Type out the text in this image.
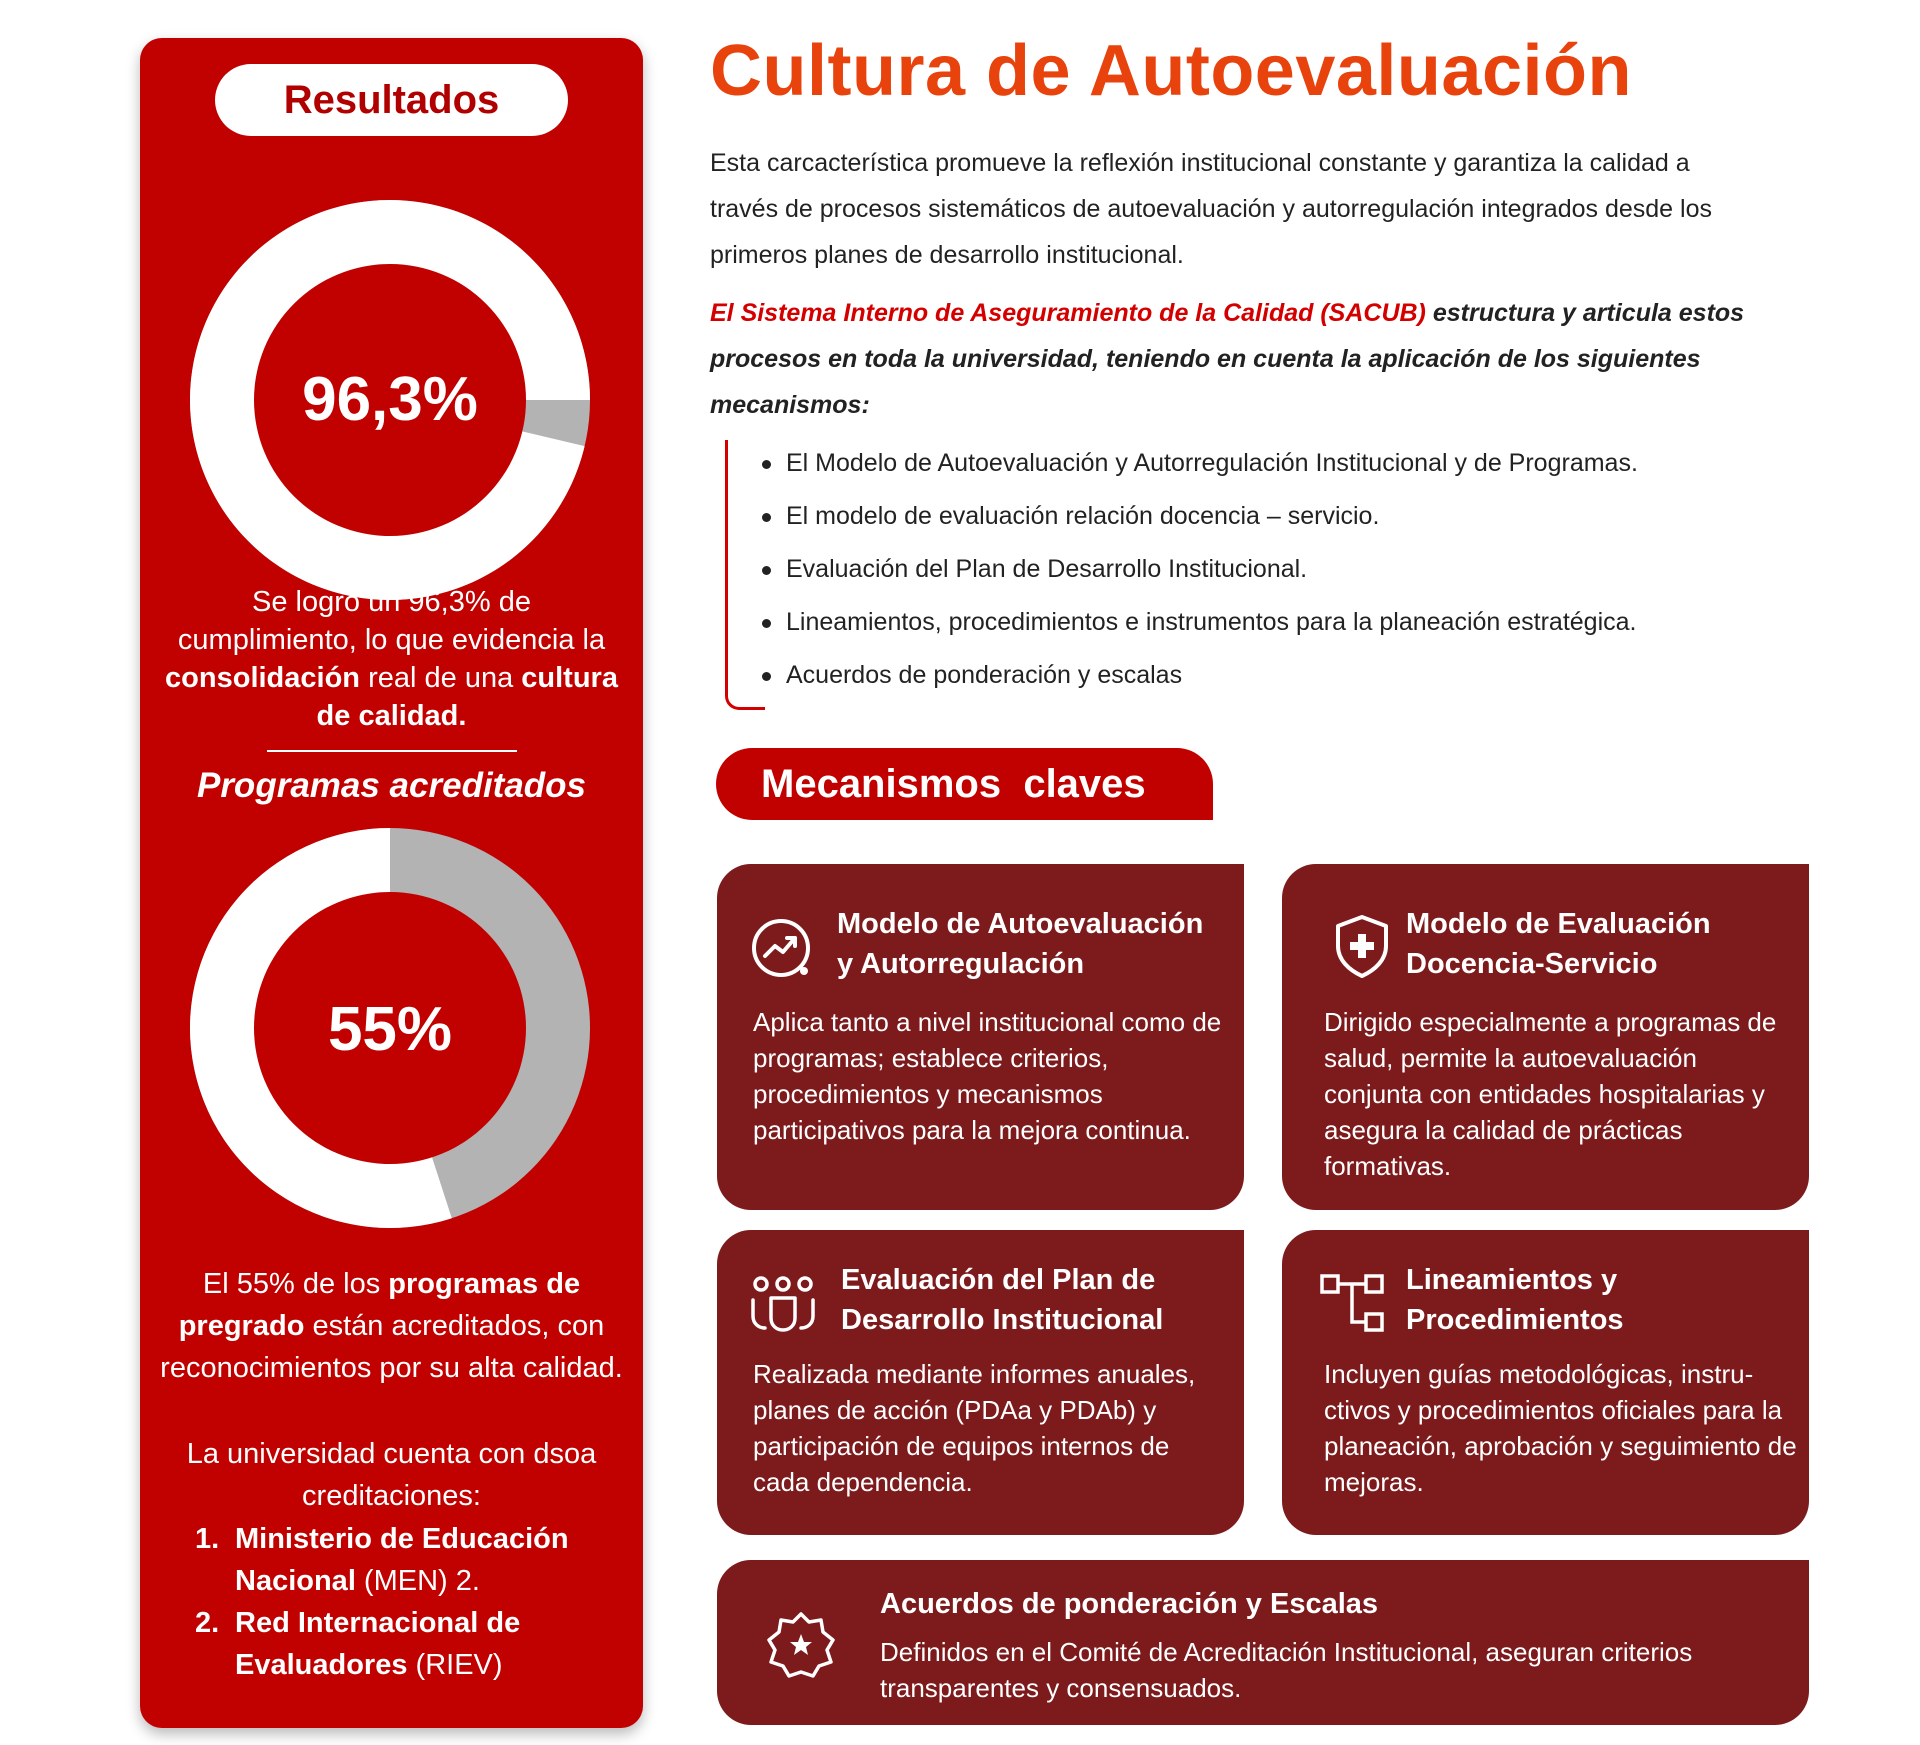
Resultados
96,3%
Se logró un 96,3% de cumplimiento, lo que evidencia la consolidación real de una cultura de calidad.
Programas acreditados
55%
El 55% de los programas de pregrado están acreditados, con reconocimientos por su alta calidad.
La universidad cuenta con dsoa creditaciones:
1. Ministerio de Educación Nacional (MEN) 2.
2. Red Internacional de Evaluadores (RIEV)
Cultura de Autoevaluación

Esta carcacterística promueve la reflexión institucional constante y garantiza la calidad a través de procesos sistemáticos de autoevaluación y autorregulación integrados desde los primeros planes de desarrollo institucional.

El Sistema Interno de Aseguramiento de la Calidad (SACUB) estructura y articula estos procesos en toda la universidad, teniendo en cuenta la aplicación de los siguientes mecanismos:

El Modelo de Autoevaluación y Autorregulación Institucional y de Programas.
El modelo de evaluación relación docencia – servicio.
Evaluación del Plan de Desarrollo Institucional.
Lineamientos, procedimientos e instrumentos para la planeación estratégica.
Acuerdos de ponderación y escalas
Mecanismos  claves
Modelo de Autoevaluación y Autorregulación
Aplica tanto a nivel institucional como de programas; establece criterios, procedimientos y mecanismos participativos para la mejora continua.
Modelo de Evaluación Docencia-Servicio
Dirigido especialmente a programas de salud, permite la autoevaluación conjunta con entidades hospitalarias y asegura la calidad de prácticas formativas.
Evaluación del Plan de Desarrollo Institucional
Realizada mediante informes anuales, planes de acción (PDAa y PDAb) y participación de equipos internos de cada dependencia.
Lineamientos y Procedimientos
Incluyen guías metodológicas, instru-ctivos y procedimientos oficiales para la planeación, aprobación y seguimiento de mejoras.
Acuerdos de ponderación y Escalas
Definidos en el Comité de Acreditación Institucional, aseguran criterios transparentes y consensuados.
